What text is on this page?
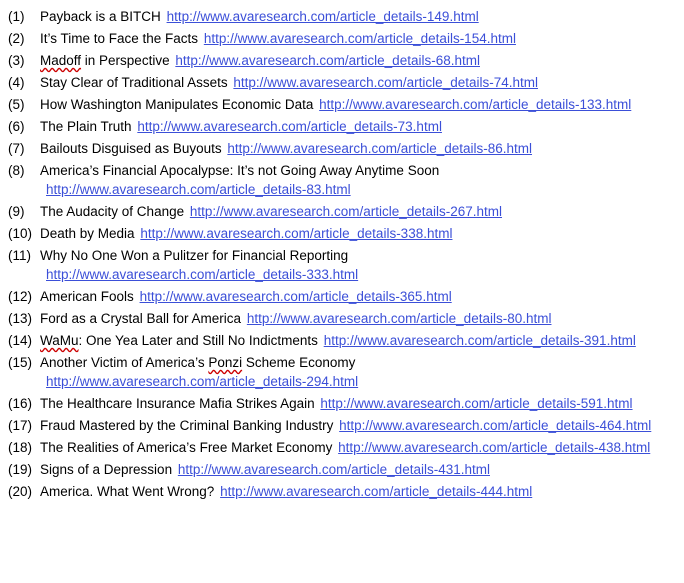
(1)	Payback is a BITCH http://www.avaresearch.com/article_details-149.html
(2)	It’s Time to Face the Facts http://www.avaresearch.com/article_details-154.html
(3)	Madoff in Perspective http://www.avaresearch.com/article_details-68.html
(4)	Stay Clear of Traditional Assets http://www.avaresearch.com/article_details-74.html
(5)	How Washington Manipulates Economic Data http://www.avaresearch.com/article_details-133.html
(6)	The Plain Truth http://www.avaresearch.com/article_details-73.html
(7)	Bailouts Disguised as Buyouts http://www.avaresearch.com/article_details-86.html
(8)	America’s Financial Apocalypse: It’s not Going Away Anytime Soon
http://www.avaresearch.com/article_details-83.html
(9)	The Audacity of Change http://www.avaresearch.com/article_details-267.html
(10) Death by Media http://www.avaresearch.com/article_details-338.html
(11) Why No One Won a Pulitzer for Financial Reporting
http://www.avaresearch.com/article_details-333.html
(12) American Fools http://www.avaresearch.com/article_details-365.html
(13) Ford as a Crystal Ball for America http://www.avaresearch.com/article_details-80.html
(14) WaMu: One Yea Later and Still No Indictments http://www.avaresearch.com/article_details-391.html
(15) Another Victim of America’s Ponzi Scheme Economy
http://www.avaresearch.com/article_details-294.html
(16) The Healthcare Insurance Mafia Strikes Again http://www.avaresearch.com/article_details-591.html
(17) Fraud Mastered by the Criminal Banking Industry http://www.avaresearch.com/article_details-464.html
(18) The Realities of America’s Free Market Economy http://www.avaresearch.com/article_details-438.html
(19) Signs of a Depression http://www.avaresearch.com/article_details-431.html
(20) America. What Went Wrong? http://www.avaresearch.com/article_details-444.html
